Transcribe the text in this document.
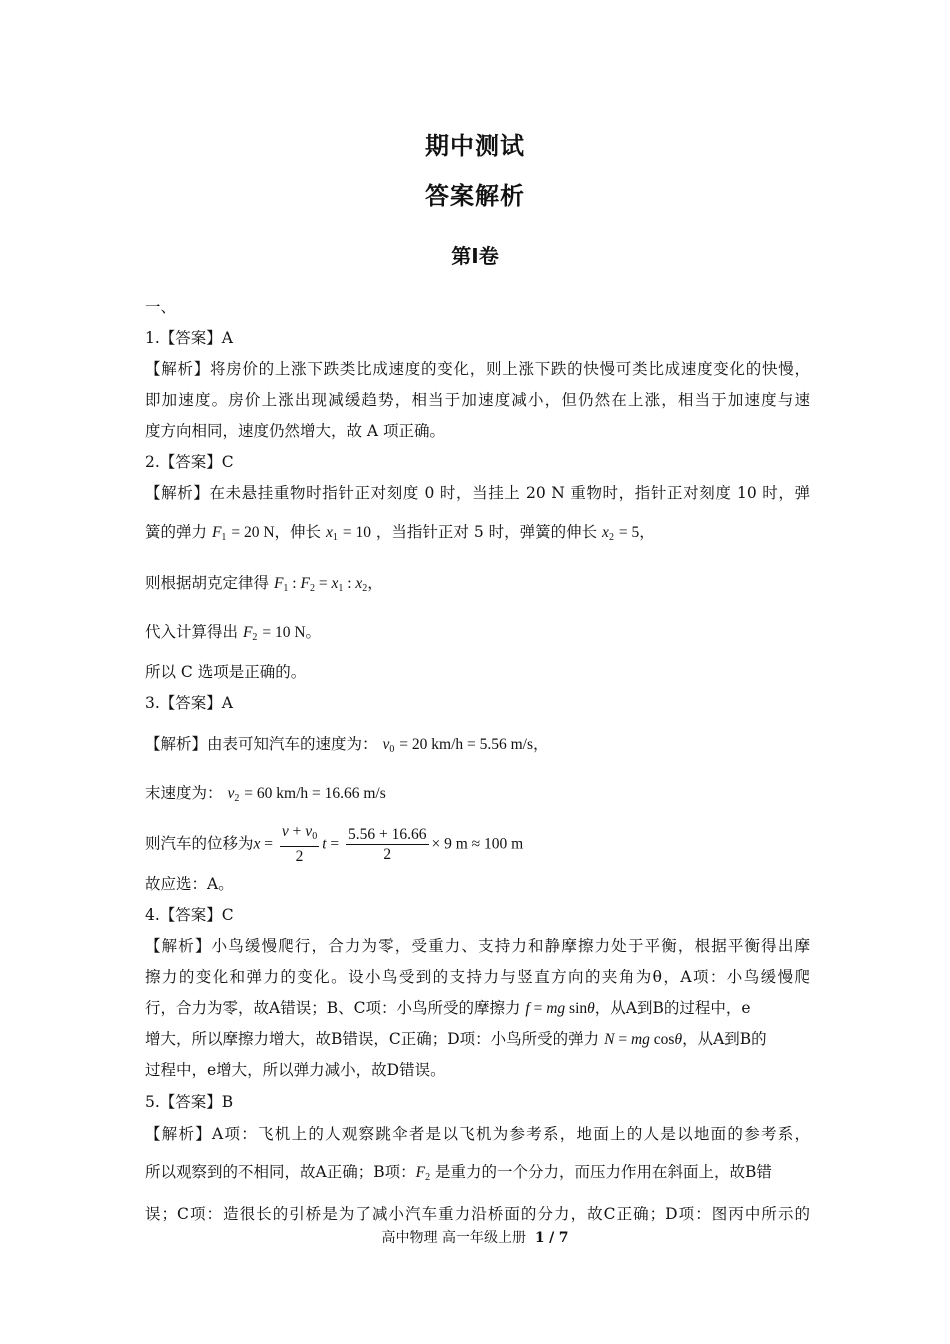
期中测试
答案解析
第I卷
一、
1.【答案】A
【解析】将房价的上涨下跌类比成速度的变化，则上涨下跌的快慢可类比成速度变化的快慢，
即加速度。房价上涨出现减缓趋势，相当于加速度减小，但仍然在上涨，相当于加速度与速
度方向相同，速度仍然增大，故 A 项正确。
2.【答案】C
【解析】在未悬挂重物时指针正对刻度 0 时，当挂上 20 N 重物时，指针正对刻度 10 时，弹
簧的弹力 $F_1 = 20$ N，伸长 $x_1 = 10$ ，当指针正对 5 时，弹簧的伸长 $x_2 = 5$，
则根据胡克定律得 $F_1$ : $F_2 = x_1$ : $x_2$，
代入计算得出 $F_2 = 10$ N。
所以 C 选项是正确的。
3.【答案】A
【解析】由表可知汽车的速度为： $v_0 = 20$ km/h = 5.56 m/s，
末速度为： $v_2 = 60$ km/h = 16.66 m/s
则汽车的位移为$x = \frac{v + v_0}{2}$ $t = \frac{5.56 + 16.66}{2} \times 9$ m ≈ 100 m
故应选：A。
4.【答案】C
【解析】小鸟缓慢爬行，合力为零，受重力、支持力和静摩擦力处于平衡，根据平衡得出摩
擦力的变化和弹力的变化。设小鸟受到的支持力与竖直方向的夹角为θ，A项：小鸟缓慢爬
行，合力为零，故A错误；B、C项：小鸟所受的摩擦力 f = mg sinθ，从A到B的过程中，e
增大，所以摩擦力增大，故B错误，C正确；D项：小鸟所受的弹力 N = mg cosθ，从A到B的
过程中，e增大，所以弹力减小，故D错误。
5.【答案】B
【解析】A项：飞机上的人观察跳伞者是以飞机为参考系，地面上的人是以地面的参考系，
所以观察到的不相同，故A正确；B项：$F_2$ 是重力的一个分力，而压力作用在斜面上，故B错
误；C项：造很长的引桥是为了减小汽车重力沿桥面的分力，故C正确；D项：图丙中所示的
高中物理 高一年级上册 1 / 7
